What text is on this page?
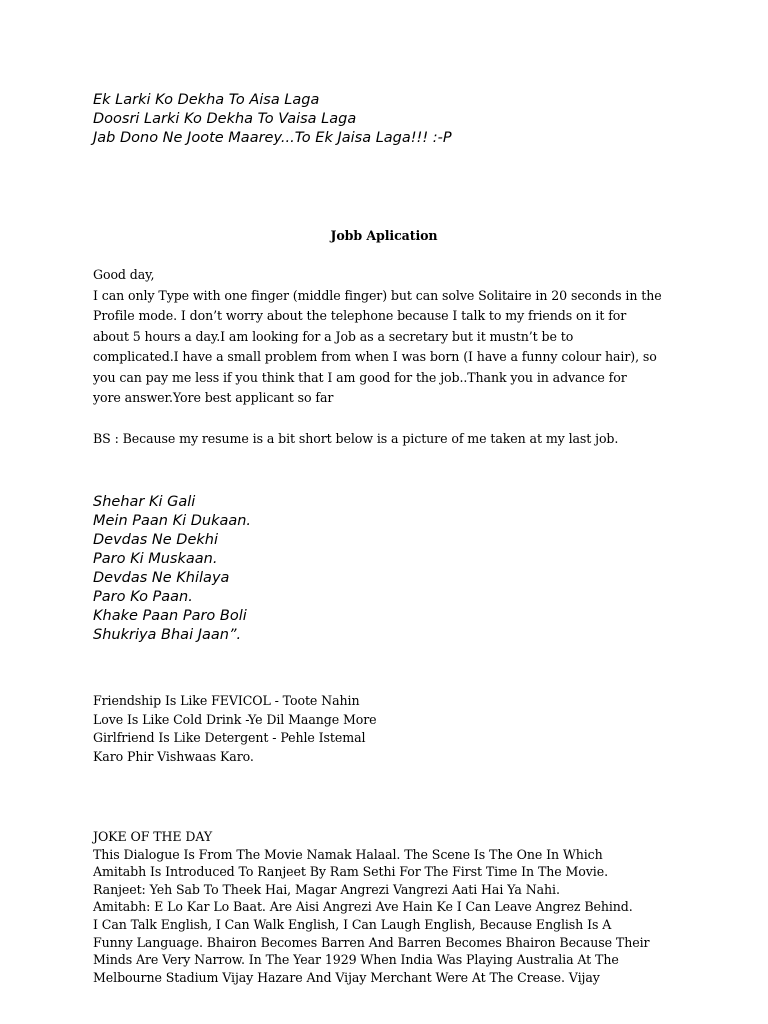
Ek Larki Ko Dekha To Aisa Laga
Doosri Larki Ko Dekha To Vaisa Laga
Jab Dono Ne Joote Maarey...To Ek Jaisa Laga!!! :-P
Jobb Aplication
Good day,
I can only Type with one finger (middle finger) but can solve Solitaire in 20 seconds in the
Profile mode. I don’t worry about the telephone because I talk to my friends on it for
about 5 hours a day.I am looking for a Job as a secretary but it mustn’t be to
complicated.I have a small problem from when I was born (I have a funny colour hair), so
you can pay me less if you think that I am good for the job..Thank you in advance for
yore answer.Yore best applicant so far
BS : Because my resume is a bit short below is a picture of me taken at my last job.
Shehar Ki Gali
Mein Paan Ki Dukaan.
Devdas Ne Dekhi
Paro Ki Muskaan.
Devdas Ne Khilaya
Paro Ko Paan.
Khake Paan Paro Boli
Shukriya Bhai Jaan”.
Friendship Is Like FEVICOL - Toote Nahin
Love Is Like Cold Drink -Ye Dil Maange More
Girlfriend Is Like Detergent - Pehle Istemal
Karo Phir Vishwaas Karo.
JOKE OF THE DAY
This Dialogue Is From The Movie Namak Halaal. The Scene Is The One In Which
Amitabh Is Introduced To Ranjeet By Ram Sethi For The First Time In The Movie.
Ranjeet: Yeh Sab To Theek Hai, Magar Angrezi Vangrezi Aati Hai Ya Nahi.
Amitabh: E Lo Kar Lo Baat. Are Aisi Angrezi Ave Hain Ke I Can Leave Angrez Behind.
I Can Talk English, I Can Walk English, I Can Laugh English, Because English Is A
Funny Language. Bhairon Becomes Barren And Barren Becomes Bhairon Because Their
Minds Are Very Narrow. In The Year 1929 When India Was Playing Australia At The
Melbourne Stadium Vijay Hazare And Vijay Merchant Were At The Crease. Vijay
